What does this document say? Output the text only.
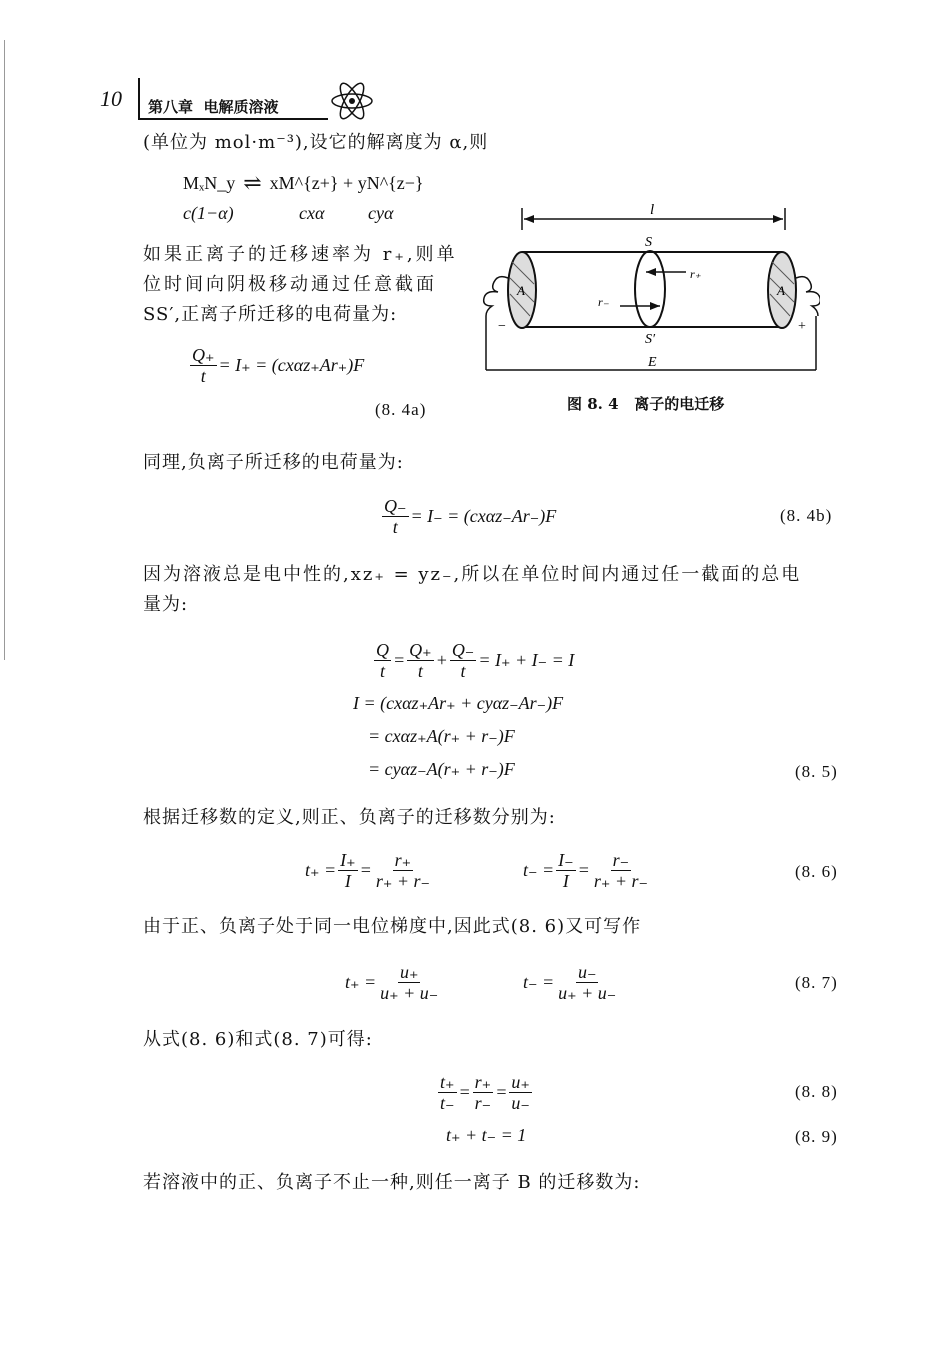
10 第八章  电解质溶液
(单位为 mol·m⁻³),设它的解离度为 α,则
MₓN_y ⇌ xM^{z+} + yN^{z−}
c(1−α)	cxα cyα
如果正离子的迁移速率为 r₊,则单
位时间向阴极移动通过任意截面
SS′,正离子所迁移的电荷量为:
$\frac{Q_+}{t} = I_+ = (cx\alpha z_+Ar_+)F$
(8. 4a)
l
S
S′
E
A	A
r₊
r₋
−	+
图 8. 4   离子的电迁移
同理,负离子所迁移的电荷量为:
$\frac{Q_-}{t} = I_- = (cx\alpha z_-Ar_-)F$	(8. 4b)
因为溶液总是电中性的,xz₊ = yz₋,所以在单位时间内通过任一截面的总电
量为:
$\frac{Q}{t} = \frac{Q_+}{t} + \frac{Q_-}{t} = I_+ + I_- = I$
I = (cxαz₊Ar₊ + cyαz₋Ar₋)F
= cxαz₊A(r₊ + r₋)F
= cyαz₋A(r₊ + r₋)F	(8. 5)
根据迁移数的定义,则正、负离子的迁移数分别为:
$t_+ = \frac{I_+}{I} = \frac{r_+}{r_+ + r_-}$	$t_- = \frac{I_-}{I} = \frac{r_-}{r_+ + r_-}$	(8. 6)
由于正、负离子处于同一电位梯度中,因此式(8. 6)又可写作
$t_+ = \frac{u_+}{u_+ + u_-}$	$t_- = \frac{u_-}{u_+ + u_-}$	(8. 7)
从式(8. 6)和式(8. 7)可得:
$\frac{t_+}{t_-} = \frac{r_+}{r_-} = \frac{u_+}{u_-}$	(8. 8)
t₊ + t₋ = 1	(8. 9)
若溶液中的正、负离子不止一种,则任一离子 B 的迁移数为:
